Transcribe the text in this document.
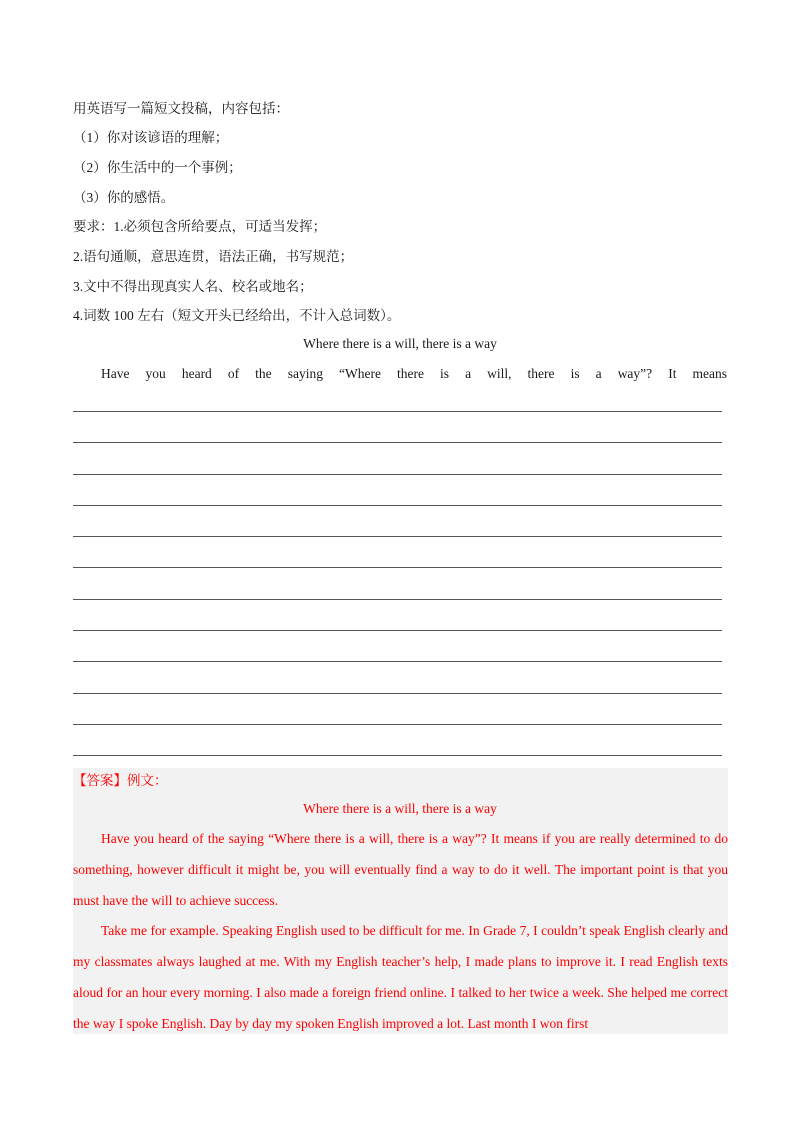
用英语写一篇短文投稿，内容包括：
（1）你对该谚语的理解；
（2）你生活中的一个事例；
（3）你的感悟。
要求：1.必须包含所给要点，可适当发挥；
2.语句通顺，意思连贯，语法正确，书写规范；
3.文中不得出现真实人名、校名或地名；
4.词数 100 左右（短文开头已经给出，不计入总词数）。
Where there is a will, there is a way
Have you heard of the saying “Where there is a will, there is a way”? It means
【答案】例文：
Where there is a will, there is a way
Have you heard of the saying “Where there is a will, there is a way”? It means if you are really determined to do something, however difficult it might be, you will eventually find a way to do it well. The important point is that you must have the will to achieve success.
Take me for example. Speaking English used to be difficult for me. In Grade 7, I couldn’t speak English clearly and my classmates always laughed at me. With my English teacher’s help, I made plans to improve it. I read English texts aloud for an hour every morning. I also made a foreign friend online. I talked to her twice a week. She helped me correct the way I spoke English. Day by day my spoken English improved a lot. Last month I won first
